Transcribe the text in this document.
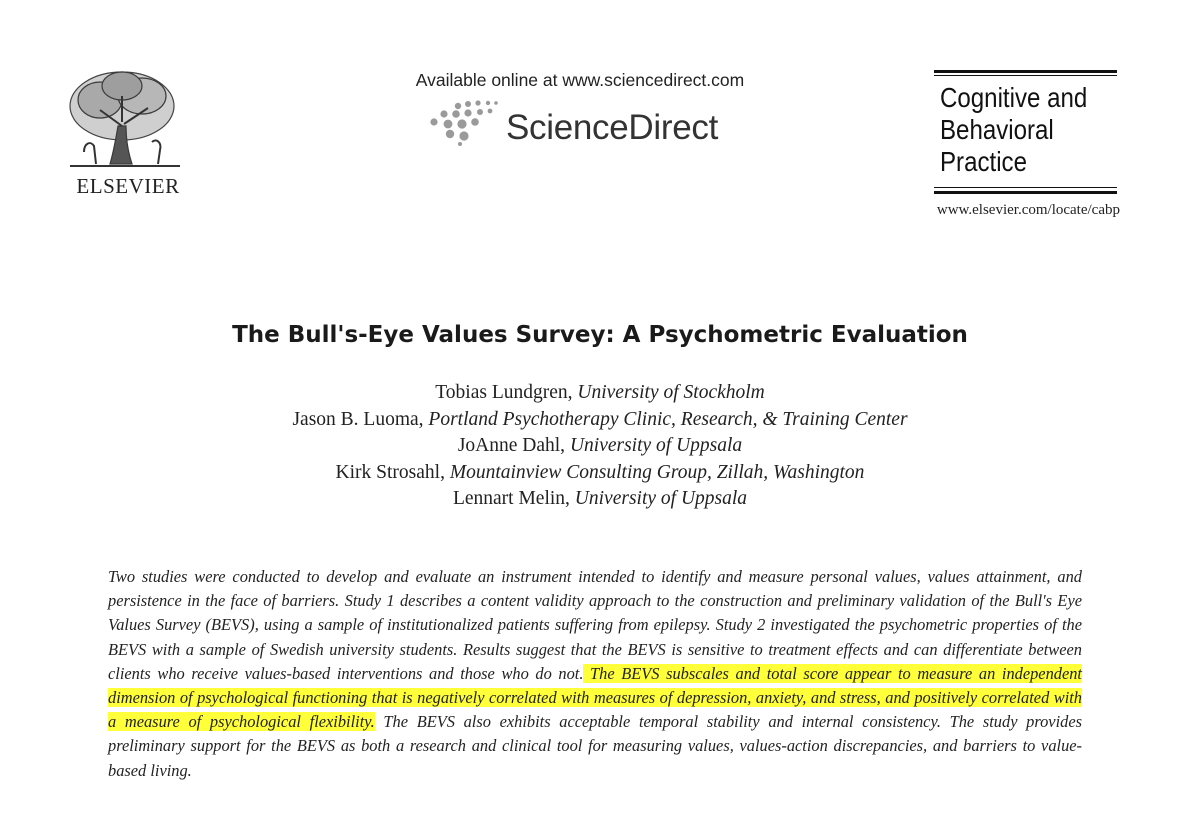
ELSEVIER
Available online at www.sciencedirect.com
ScienceDirect
Cognitive and
Behavioral
Practice
www.elsevier.com/locate/cabp
The Bull's-Eye Values Survey: A Psychometric Evaluation
Tobias Lundgren, University of Stockholm
Jason B. Luoma, Portland Psychotherapy Clinic, Research, & Training Center
JoAnne Dahl, University of Uppsala
Kirk Strosahl, Mountainview Consulting Group, Zillah, Washington
Lennart Melin, University of Uppsala
Two studies were conducted to develop and evaluate an instrument intended to identify and measure personal values, values attainment, and persistence in the face of barriers. Study 1 describes a content validity approach to the construction and preliminary validation of the Bull's Eye Values Survey (BEVS), using a sample of institutionalized patients suffering from epilepsy. Study 2 investigated the psychometric properties of the BEVS with a sample of Swedish university students. Results suggest that the BEVS is sensitive to treatment effects and can differentiate between clients who receive values-based interventions and those who do not. The BEVS subscales and total score appear to measure an independent dimension of psychological functioning that is negatively correlated with measures of depression, anxiety, and stress, and positively correlated with a measure of psychological flexibility. The BEVS also exhibits acceptable temporal stability and internal consistency. The study provides preliminary support for the BEVS as both a research and clinical tool for measuring values, values-action discrepancies, and barriers to value-based living.
